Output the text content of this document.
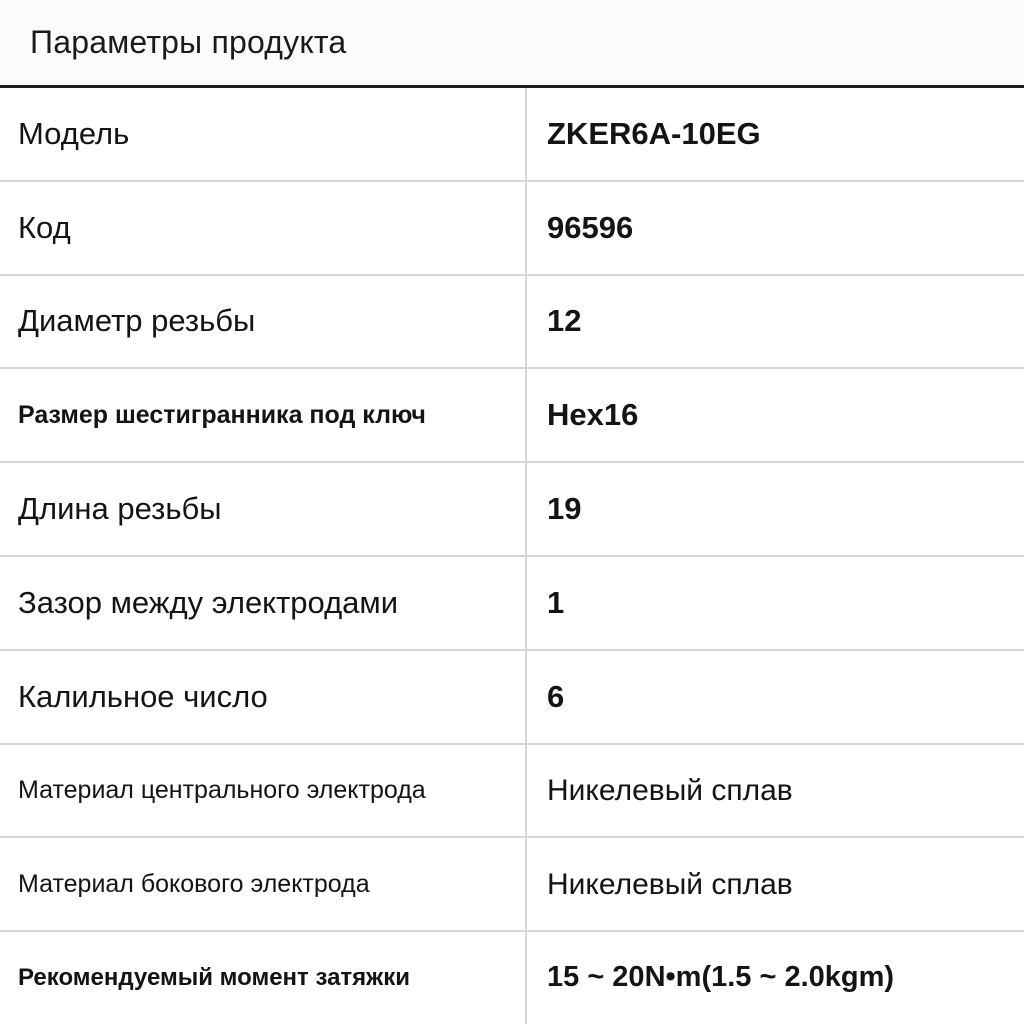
Параметры продукта
Модель	ZKER6A-10EG
Код	96596
Диаметр резьбы	12
Размер шестигранника под ключ	Hex16
Длина резьбы	19
Зазор между электродами	1
Калильное число	6
Материал центрального электрода	Никелевый сплав
Материал бокового электрода	Никелевый сплав
Рекомендуемый момент затяжки	15 ~ 20N•m(1.5 ~ 2.0kgm)
